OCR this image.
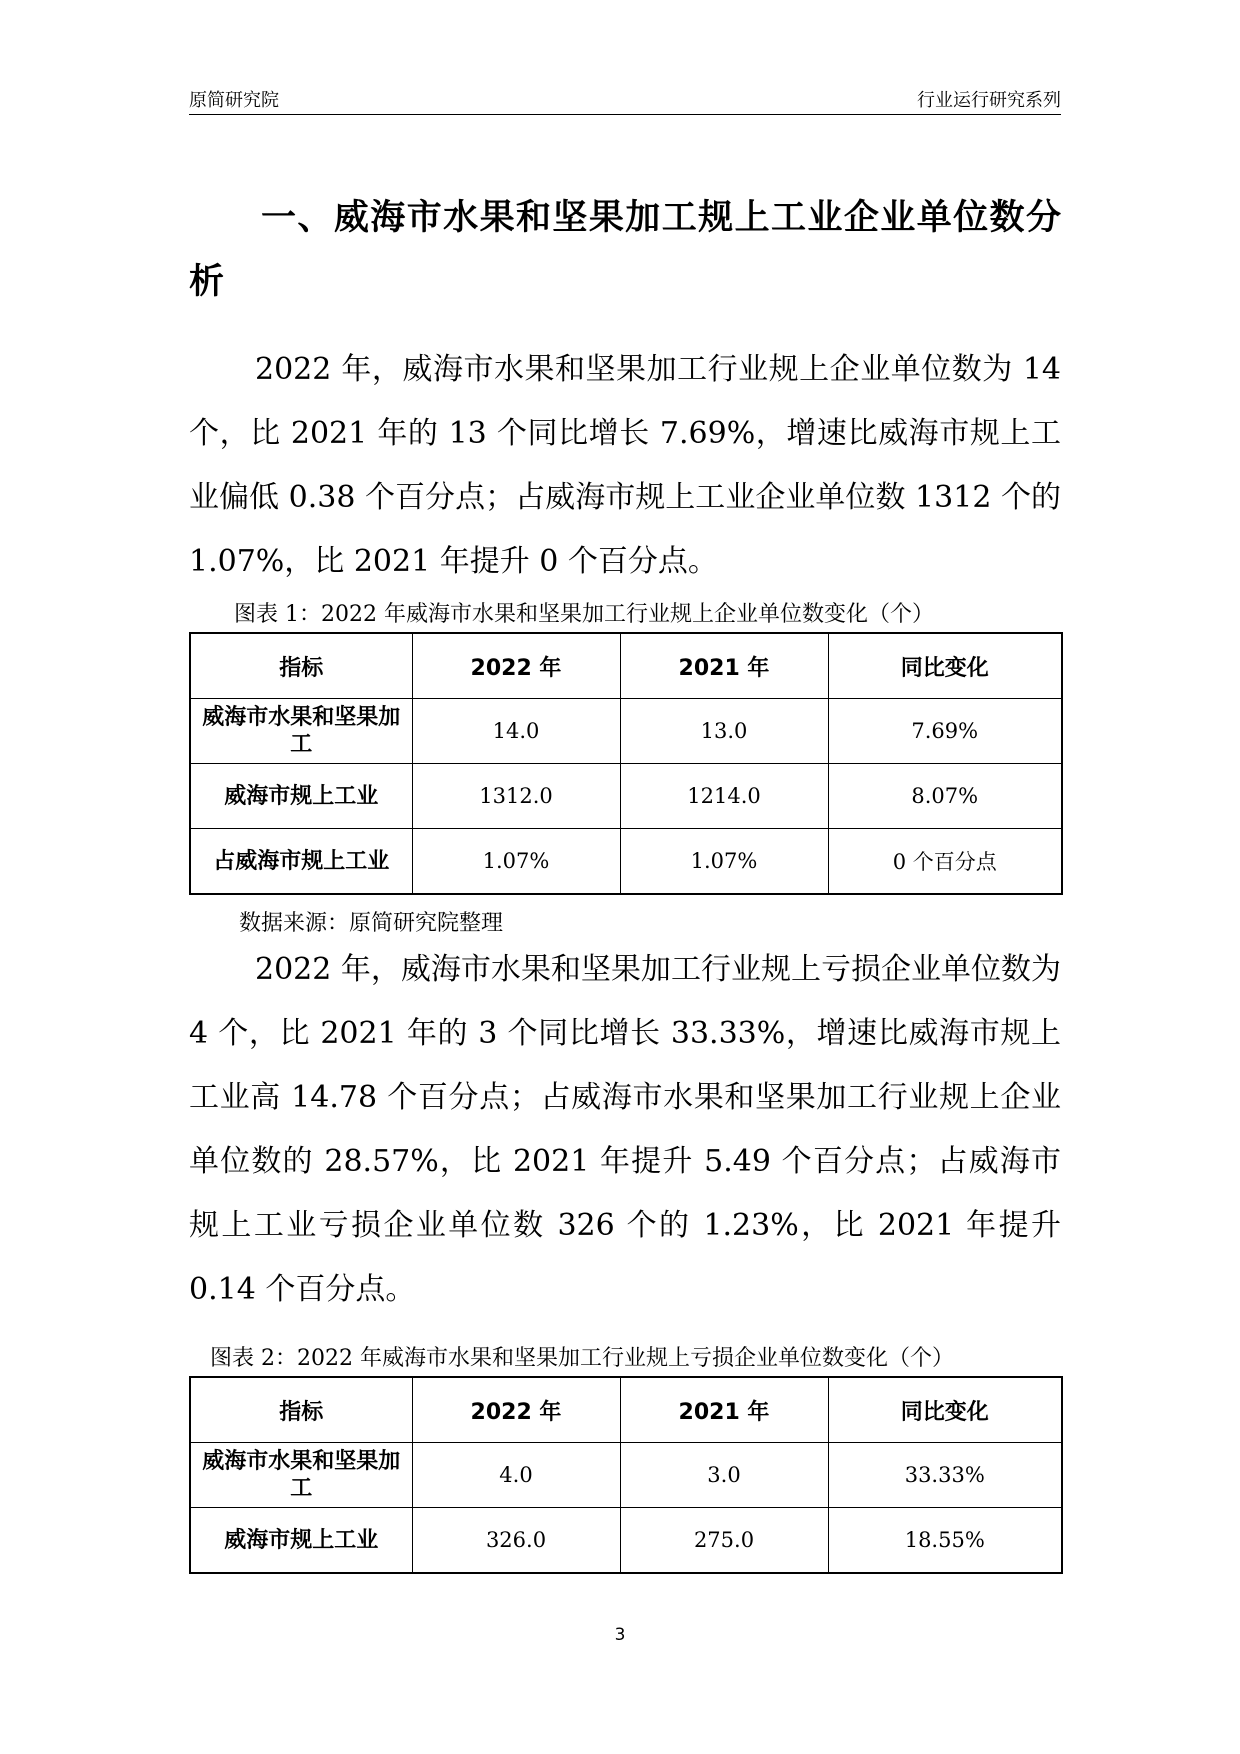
原简研究院	行业运行研究系列
一、威海市水果和坚果加工规上工业企业单位数分析

2022 年，威海市水果和坚果加工行业规上企业单位数为 14 个，比 2021 年的 13 个同比增长 7.69%，增速比威海市规上工业偏低 0.38 个百分点；占威海市规上工业企业单位数 1312 个的 1.07%，比 2021 年提升 0 个百分点。

图表 1：2022 年威海市水果和坚果加工行业规上企业单位数变化（个）
指标	2022 年	2021 年	同比变化
威海市水果和坚果加工	14.0	13.0	7.69%
威海市规上工业	1312.0	1214.0	8.07%
占威海市规上工业	1.07%	1.07%	0 个百分点
数据来源：原简研究院整理

2022 年，威海市水果和坚果加工行业规上亏损企业单位数为 4 个，比 2021 年的 3 个同比增长 33.33%，增速比威海市规上工业高 14.78 个百分点；占威海市水果和坚果加工行业规上企业单位数的 28.57%，比 2021 年提升 5.49 个百分点；占威海市规上工业亏损企业单位数 326 个的 1.23%，比 2021 年提升 0.14 个百分点。

图表 2：2022 年威海市水果和坚果加工行业规上亏损企业单位数变化（个）
指标	2022 年	2021 年	同比变化
威海市水果和坚果加工	4.0	3.0	33.33%
威海市规上工业	326.0	275.0	18.55%
3
